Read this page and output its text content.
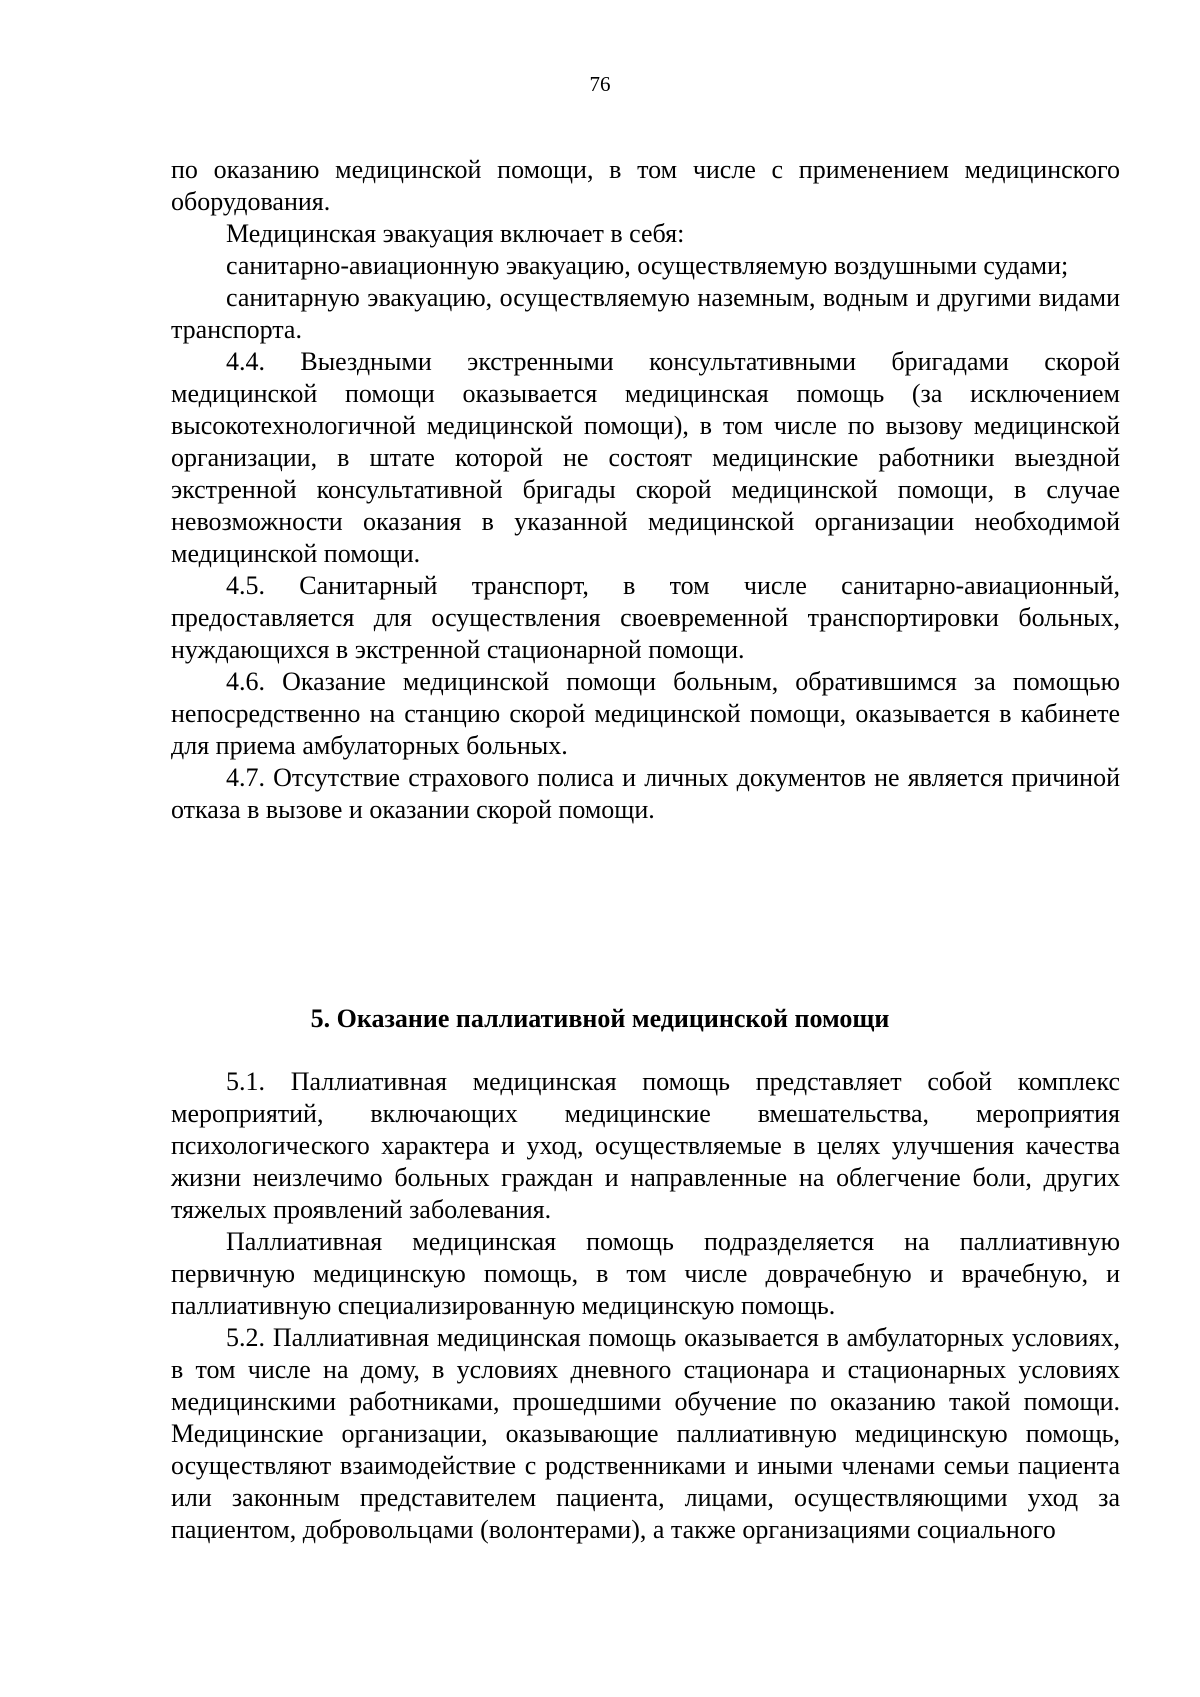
76

по оказанию медицинской помощи, в том числе с применением медицинского оборудования.

Медицинская эвакуация включает в себя:

санитарно-авиационную эвакуацию, осуществляемую воздушными судами;

санитарную эвакуацию, осуществляемую наземным, водным и другими видами транспорта.

4.4. Выездными экстренными консультативными бригадами скорой медицинской помощи оказывается медицинская помощь (за исключением высокотехнологичной медицинской помощи), в том числе по вызову медицинской организации, в штате которой не состоят медицинские работники выездной экстренной консультативной бригады скорой медицинской помощи, в случае невозможности оказания в указанной медицинской организации необходимой медицинской помощи.

4.5. Санитарный транспорт, в том числе санитарно-авиационный, предоставляется для осуществления своевременной транспортировки больных, нуждающихся в экстренной стационарной помощи.

4.6. Оказание медицинской помощи больным, обратившимся за помощью непосредственно на станцию скорой медицинской помощи, оказывается в кабинете для приема амбулаторных больных.

4.7. Отсутствие страхового полиса и личных документов не является причиной отказа в вызове и оказании скорой помощи.

5. Оказание паллиативной медицинской помощи

5.1. Паллиативная медицинская помощь представляет собой комплекс мероприятий, включающих медицинские вмешательства, мероприятия психологического характера и уход, осуществляемые в целях улучшения качества жизни неизлечимо больных граждан и направленные на облегчение боли, других тяжелых проявлений заболевания.

Паллиативная медицинская помощь подразделяется на паллиативную первичную медицинскую помощь, в том числе доврачебную и врачебную, и паллиативную специализированную медицинскую помощь.

5.2. Паллиативная медицинская помощь оказывается в амбулаторных условиях, в том числе на дому, в условиях дневного стационара и стационарных условиях медицинскими работниками, прошедшими обучение по оказанию такой помощи. Медицинские организации, оказывающие паллиативную медицинскую помощь, осуществляют взаимодействие с родственниками и иными членами семьи пациента или законным представителем пациента, лицами, осуществляющими уход за пациентом, добровольцами (волонтерами), а также организациями социального
